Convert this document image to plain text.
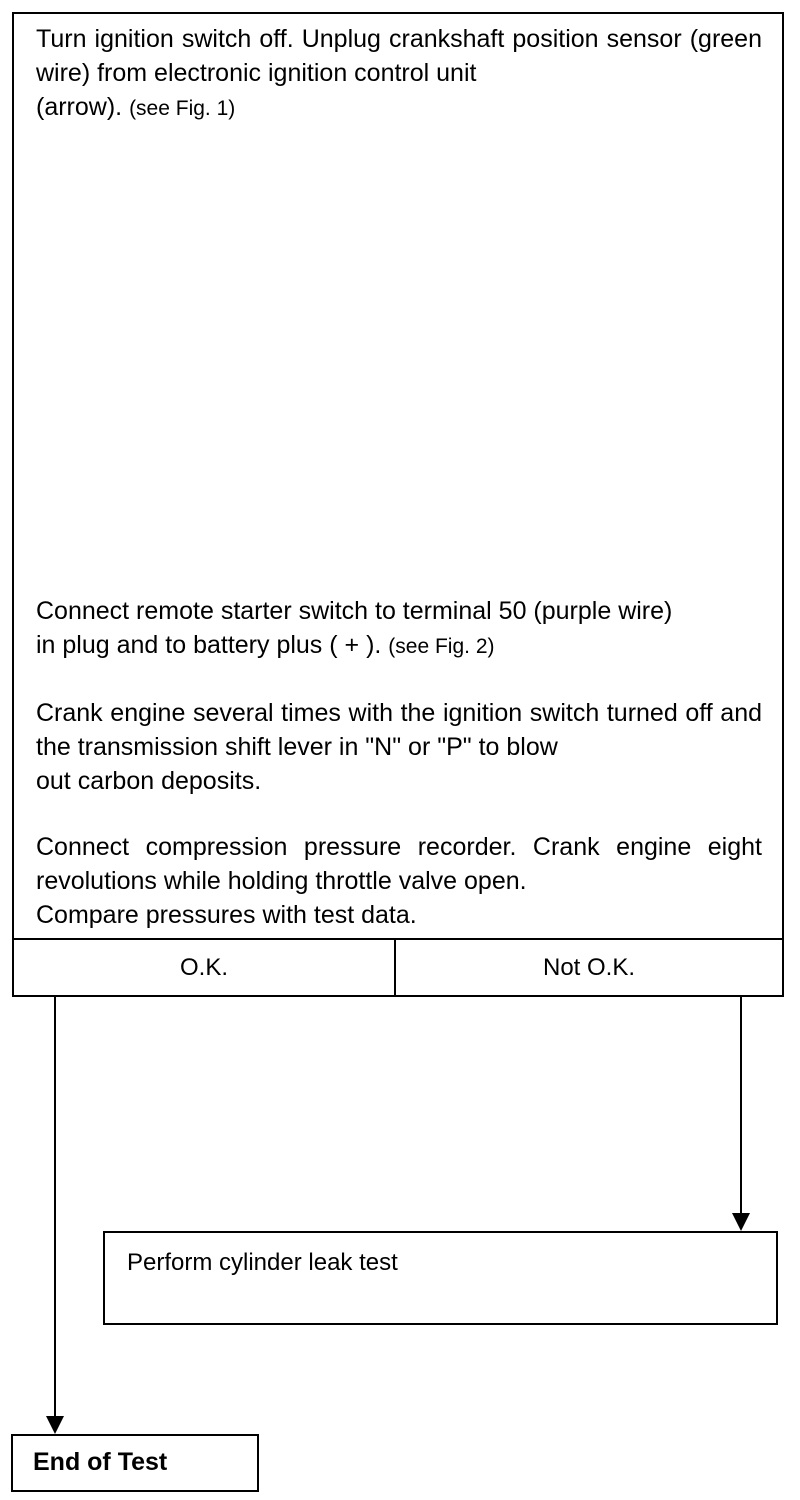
Turn ignition switch off. Unplug crankshaft position sensor (green wire) from electronic ignition control unit
(arrow). (see Fig. 1)

Connect remote starter switch to terminal 50 (purple wire)
in plug and to battery plus ( + ). (see Fig. 2)

Crank engine several times with the ignition switch turned off and the transmission shift lever in "N" or "P" to blow
out carbon deposits.

Connect compression pressure recorder. Crank engine eight revolutions while holding throttle valve open.
Compare pressures with test data.

O.K.	Not O.K.
Perform cylinder leak test
End of Test
